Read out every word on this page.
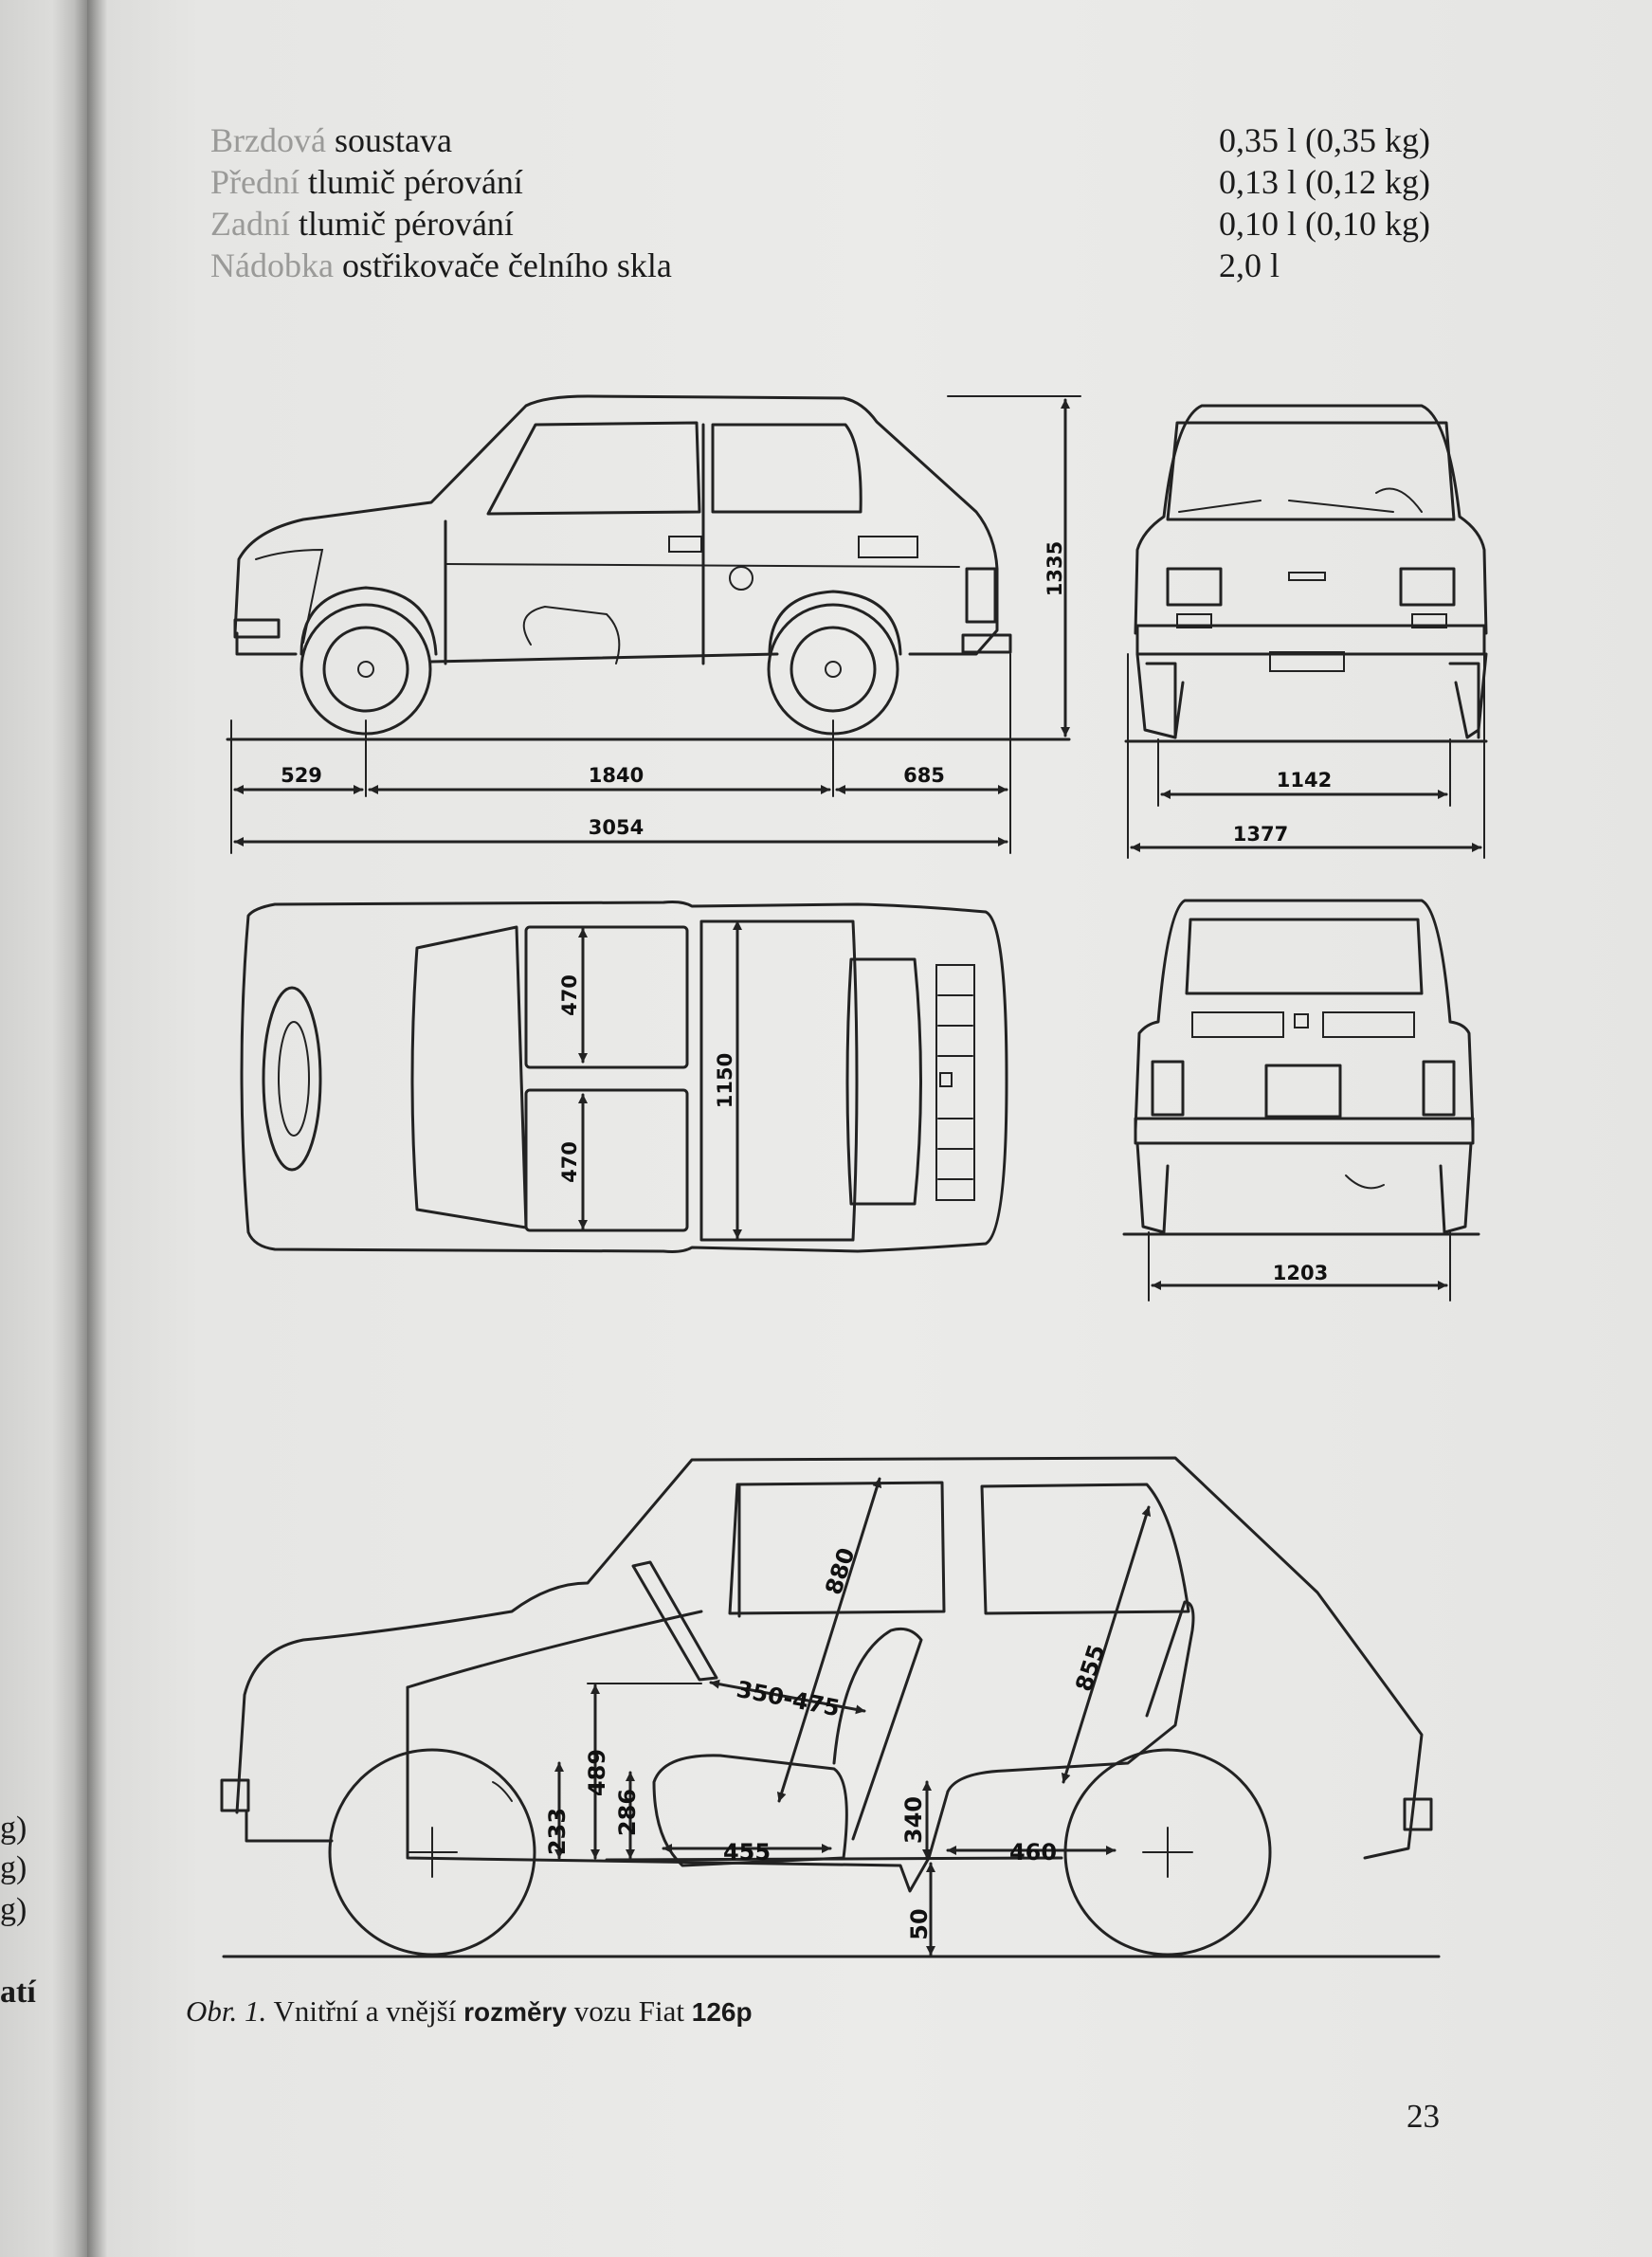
g)
g)
g)
atí
Brzdová soustava	0,35 l (0,35 kg)
Přední tlumič pérování	0,13 l (0,12 kg)
Zadní tlumič pérování	0,10 l (0,10 kg)
Nádobka ostřikovače čelního skla	2,0 l
1335
529	1840	685
3054
1142
1377
470
470
1150
1203
880
855
350-475
489
286
233	455
340
460
50
Obr. 1. Vnitřní a vnější rozměry vozu Fiat 126p
23
